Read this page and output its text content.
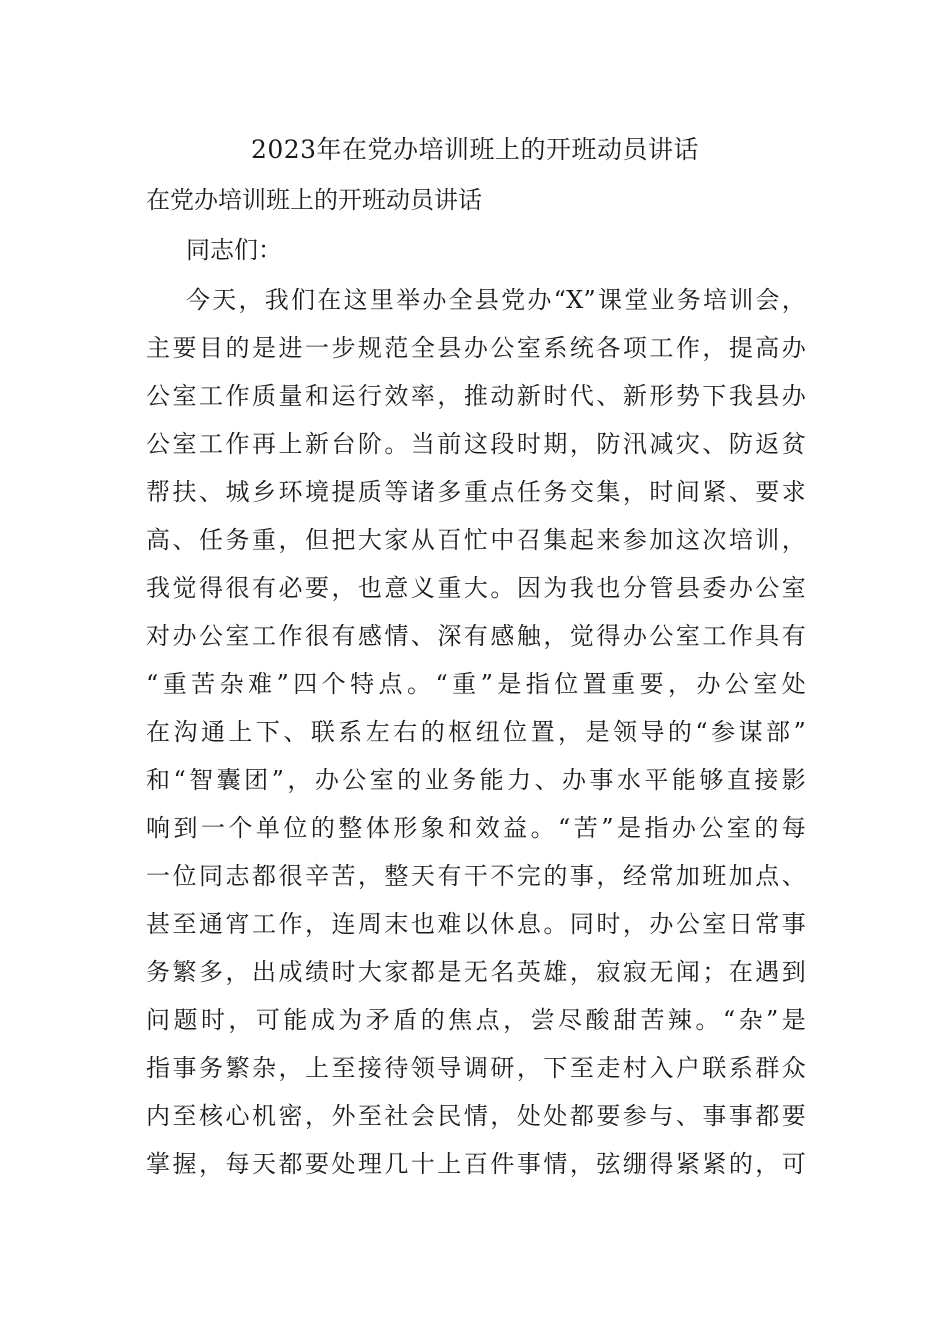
2023年在党办培训班上的开班动员讲话
在党办培训班上的开班动员讲话
同志们：
今天，我们在这里举办全县党办“X”课堂业务培训会，
主要目的是进一步规范全县办公室系统各项工作，提高办
公室工作质量和运行效率，推动新时代、新形势下我县办
公室工作再上新台阶。当前这段时期，防汛减灾、防返贫
帮扶、城乡环境提质等诸多重点任务交集，时间紧、要求
高、任务重，但把大家从百忙中召集起来参加这次培训，
我觉得很有必要，也意义重大。因为我也分管县委办公室
对办公室工作很有感情、深有感触，觉得办公室工作具有
“重苦杂难”四个特点。“重”是指位置重要，办公室处
在沟通上下、联系左右的枢纽位置，是领导的“参谋部”
和“智囊团”，办公室的业务能力、办事水平能够直接影
响到一个单位的整体形象和效益。“苦”是指办公室的每
一位同志都很辛苦，整天有干不完的事，经常加班加点、
甚至通宵工作，连周末也难以休息。同时，办公室日常事
务繁多，出成绩时大家都是无名英雄，寂寂无闻；在遇到
问题时，可能成为矛盾的焦点，尝尽酸甜苦辣。“杂”是
指事务繁杂，上至接待领导调研，下至走村入户联系群众
内至核心机密，外至社会民情，处处都要参与、事事都要
掌握，每天都要处理几十上百件事情，弦绷得紧紧的，可
